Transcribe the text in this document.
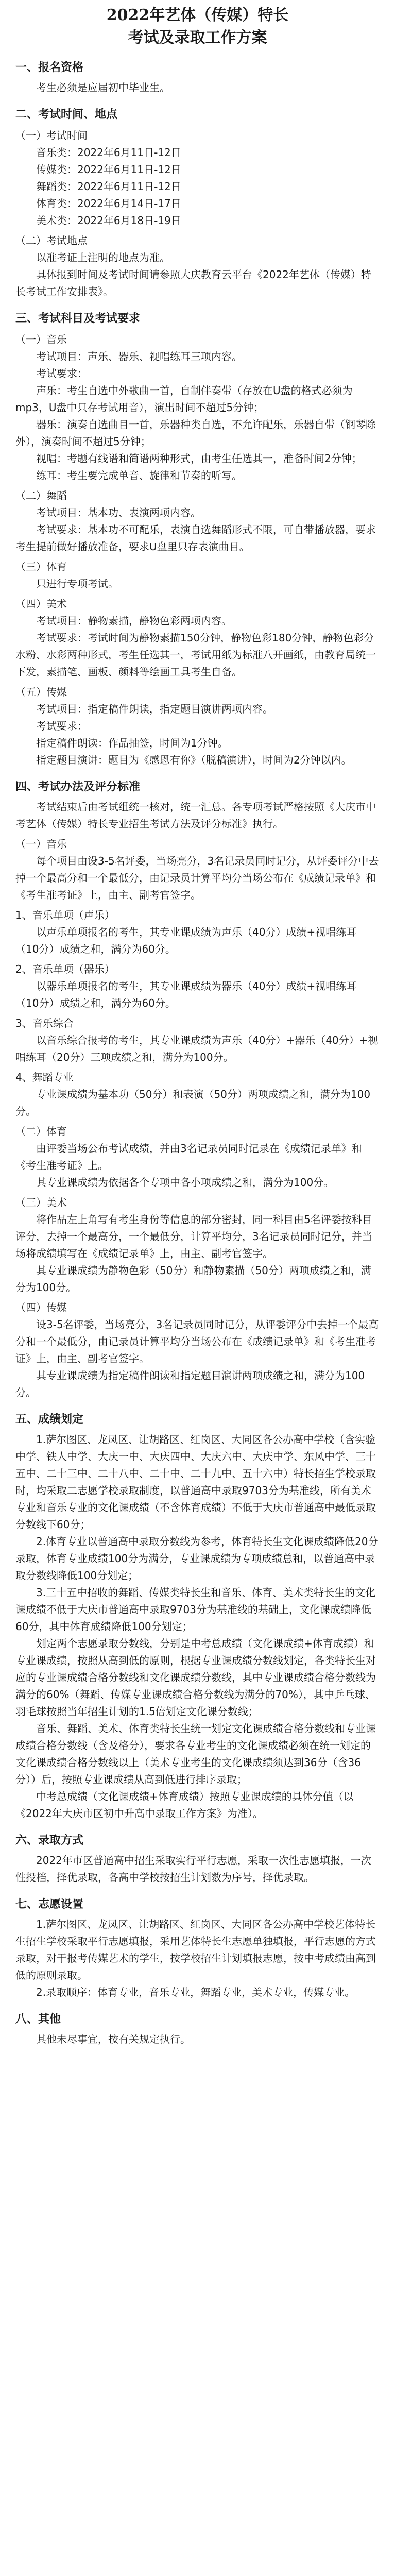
2022年艺体（传媒）特长
考试及录取工作方案
一、报名资格

考生必须是应届初中毕业生。

二、考试时间、地点
（一）考试时间
音乐类：2022年6月11日-12日
传媒类：2022年6月11日-12日
舞蹈类：2022年6月11日-12日
体育类：2022年6月14日-17日
美术类：2022年6月18日-19日
（二）考试地点

以准考证上注明的地点为准。

具体报到时间及考试时间请参照大庆教育云平台《2022年艺体（传媒）特长考试工作安排表》。

三、考试科目及考试要求
（一）音乐

考试项目：声乐、器乐、视唱练耳三项内容。

考试要求：

声乐：考生自选中外歌曲一首，自制伴奏带（存放在U盘的格式必须为mp3，U盘中只存考试用音），演出时间不超过5分钟；

器乐：演奏自选曲目一首，乐器种类自选，不允许配乐，乐器自带（钢琴除外），演奏时间不超过5分钟；

视唱：考题有线谱和简谱两种形式，由考生任选其一，准备时间2分钟；

练耳：考生要完成单音、旋律和节奏的听写。

（二）舞蹈

考试项目：基本功、表演两项内容。

考试要求：基本功不可配乐，表演自选舞蹈形式不限，可自带播放器，要求考生提前做好播放准备，要求U盘里只存表演曲目。

（三）体育

只进行专项考试。

（四）美术

考试项目：静物素描，静物色彩两项内容。

考试要求：考试时间为静物素描150分钟，静物色彩180分钟，静物色彩分水粉、水彩两种形式，考生任选其一，考试用纸为标准八开画纸，由教育局统一下发，素描笔、画板、颜料等绘画工具考生自备。

（五）传媒

考试项目：指定稿件朗读，指定题目演讲两项内容。

考试要求：

指定稿件朗读：作品抽签，时间为1分钟。

指定题目演讲：题目为《感恩有你》（脱稿演讲），时间为2分钟以内。

四、考试办法及评分标准

考试结束后由考试组统一核对，统一汇总。各专项考试严格按照《大庆市中考艺体（传媒）特长专业招生考试方法及评分标准》执行。

（一）音乐

每个项目由设3-5名评委，当场亮分，3名记录员同时记分，从评委评分中去掉一个最高分和一个最低分，由记录员计算平均分当场公布在《成绩记录单》和《考生准考证》上，由主、副考官签字。

1、音乐单项（声乐）

以声乐单项报名的考生，其专业课成绩为声乐（40分）成绩+视唱练耳（10分）成绩之和，满分为60分。

2、音乐单项（器乐）

以器乐单项报名的考生，其专业课成绩为器乐（40分）成绩+视唱练耳（10分）成绩之和，满分为60分。

3、音乐综合

以音乐综合报考的考生，其专业课成绩为声乐（40分）+器乐（40分）+视唱练耳（20分）三项成绩之和，满分为100分。

4、舞蹈专业

专业课成绩为基本功（50分）和表演（50分）两项成绩之和，满分为100分。

（二）体育

由评委当场公布考试成绩，并由3名记录员同时记录在《成绩记录单》和《考生准考证》上。

其专业课成绩为依据各个专项中各小项成绩之和，满分为100分。

（三）美术

将作品左上角写有考生身份等信息的部分密封，同一科目由5名评委按科目评分，去掉一个最高分，一个最低分，计算平均分，3名记录员同时记分，并当场将成绩填写在《成绩记录单》上，由主、副考官签字。

其专业课成绩为静物色彩（50分）和静物素描（50分）两项成绩之和，满分为100分。

（四）传媒

设3-5名评委，当场亮分，3名记录员同时记分，从评委评分中去掉一个最高分和一个最低分，由记录员计算平均分当场公布在《成绩记录单》和《考生准考证》上，由主、副考官签字。

其专业课成绩为指定稿件朗读和指定题目演讲两项成绩之和，满分为100分。

五、成绩划定

1.萨尔图区、龙凤区、让胡路区、红岗区、大同区各公办高中学校（含实验中学、铁人中学、大庆一中、大庆四中、大庆六中、大庆中学、东风中学、三十五中、二十三中、二十八中、二十中、二十九中、五十六中）特长招生学校录取时，均采取二志愿学校录取制度，以普通高中录取9703分为基准线，所有美术专业和音乐专业的文化课成绩（不含体育成绩）不低于大庆市普通高中最低录取分数线下60分；

2.体育专业以普通高中录取分数线为参考，体育特长生文化课成绩降低20分录取，体育专业成绩100分为满分，专业课成绩为专项成绩总和，以普通高中录取分数线降低100分划定；

3.三十五中招收的舞蹈、传媒类特长生和音乐、体育、美术类特长生的文化课成绩不低于大庆市普通高中录取9703分为基准线的基础上，文化课成绩降低60分，其中体育成绩降低100分划定；

划定两个志愿录取分数线，分别是中考总成绩（文化课成绩+体育成绩）和专业课成绩，按照从高到低的原则，根据专业课成绩分数线划定，各类特长生对应的专业课成绩合格分数线和文化课成绩分数线，其中专业课成绩合格分数线为满分的60%（舞蹈、传媒专业课成绩合格分数线为满分的70%），其中乒乓球、羽毛球按照当年招生计划的1.5倍划定文化课分数线；

音乐、舞蹈、美术、体育类特长生统一划定文化课成绩合格分数线和专业课成绩合格分数线（含及格分），要求各专业考生的文化课成绩必须在统一划定的文化课成绩合格分数线以上（美术专业考生的文化课成绩须达到36分（含36分））后，按照专业课成绩从高到低进行排序录取；

中考总成绩（文化课成绩+体育成绩）按照专业课成绩的具体分值（以《2022年大庆市区初中升高中录取工作方案》为准）。

六、录取方式

2022年市区普通高中招生采取实行平行志愿，采取一次性志愿填报，一次性投档，择优录取，各高中学校按招生计划数为序号，择优录取。

七、志愿设置

1.萨尔图区、龙凤区、让胡路区、红岗区、大同区各公办高中学校艺体特长生招生学校采取平行志愿填报，采用艺体特长生志愿单独填报，平行志愿的方式录取，对于报考传媒艺术的学生，按学校招生计划填报志愿，按中考成绩由高到低的原则录取。

2.录取顺序：体育专业，音乐专业，舞蹈专业，美术专业，传媒专业。

八、其他

其他未尽事宜，按有关规定执行。
